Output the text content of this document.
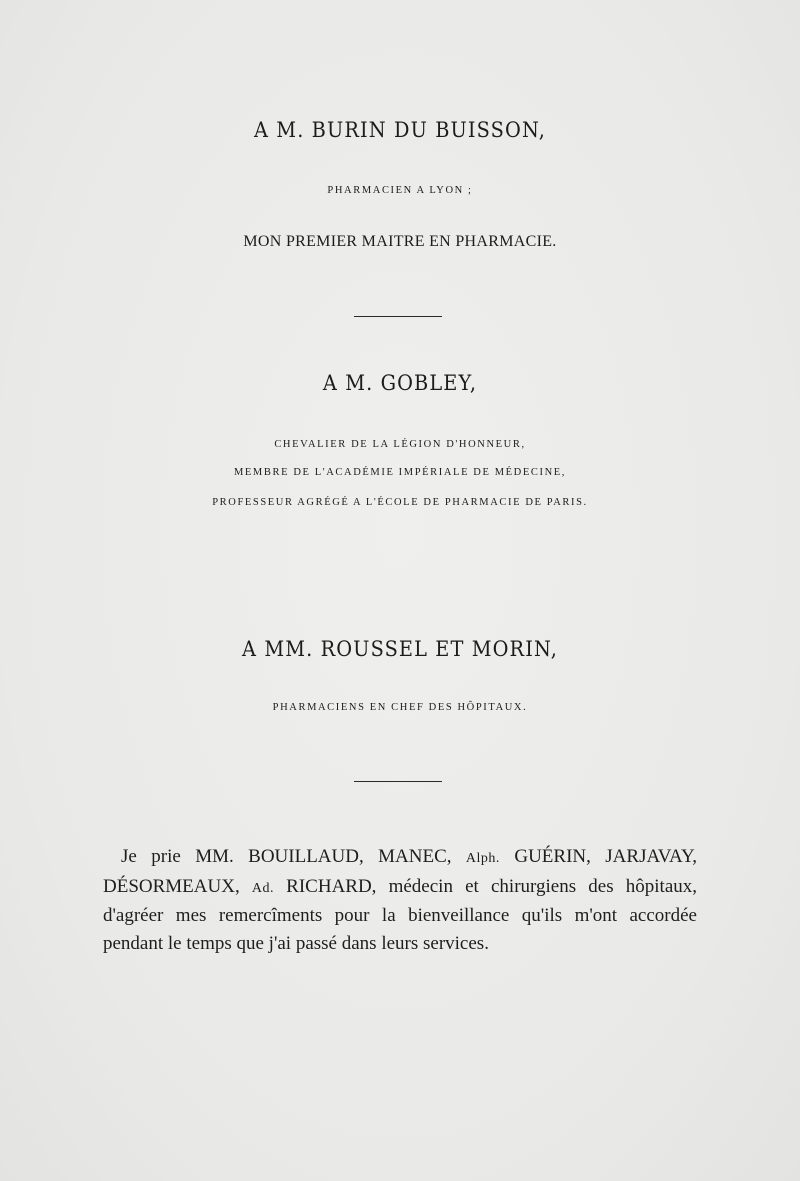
A M. BURIN DU BUISSON,
PHARMACIEN A LYON ;
MON PREMIER MAITRE EN PHARMACIE.
A M. GOBLEY,
CHEVALIER DE LA LÉGION D'HONNEUR,
MEMBRE DE L'ACADÉMIE IMPÉRIALE DE MÉDECINE,
PROFESSEUR AGRÉGÉ A L'ÉCOLE DE PHARMACIE DE PARIS.
A MM. ROUSSEL ET MORIN,
PHARMACIENS EN CHEF DES HÔPITAUX.
Je prie MM. BOUILLAUD, MANEC, Alph. GUÉRIN, JARJAVAY,
DÉSORMEAUX, Ad. RICHARD, médecin et chirurgiens des hôpitaux,
d'agréer mes remercîments pour la bienveillance qu'ils m'ont accordée
pendant le temps que j'ai passé dans leurs services.
